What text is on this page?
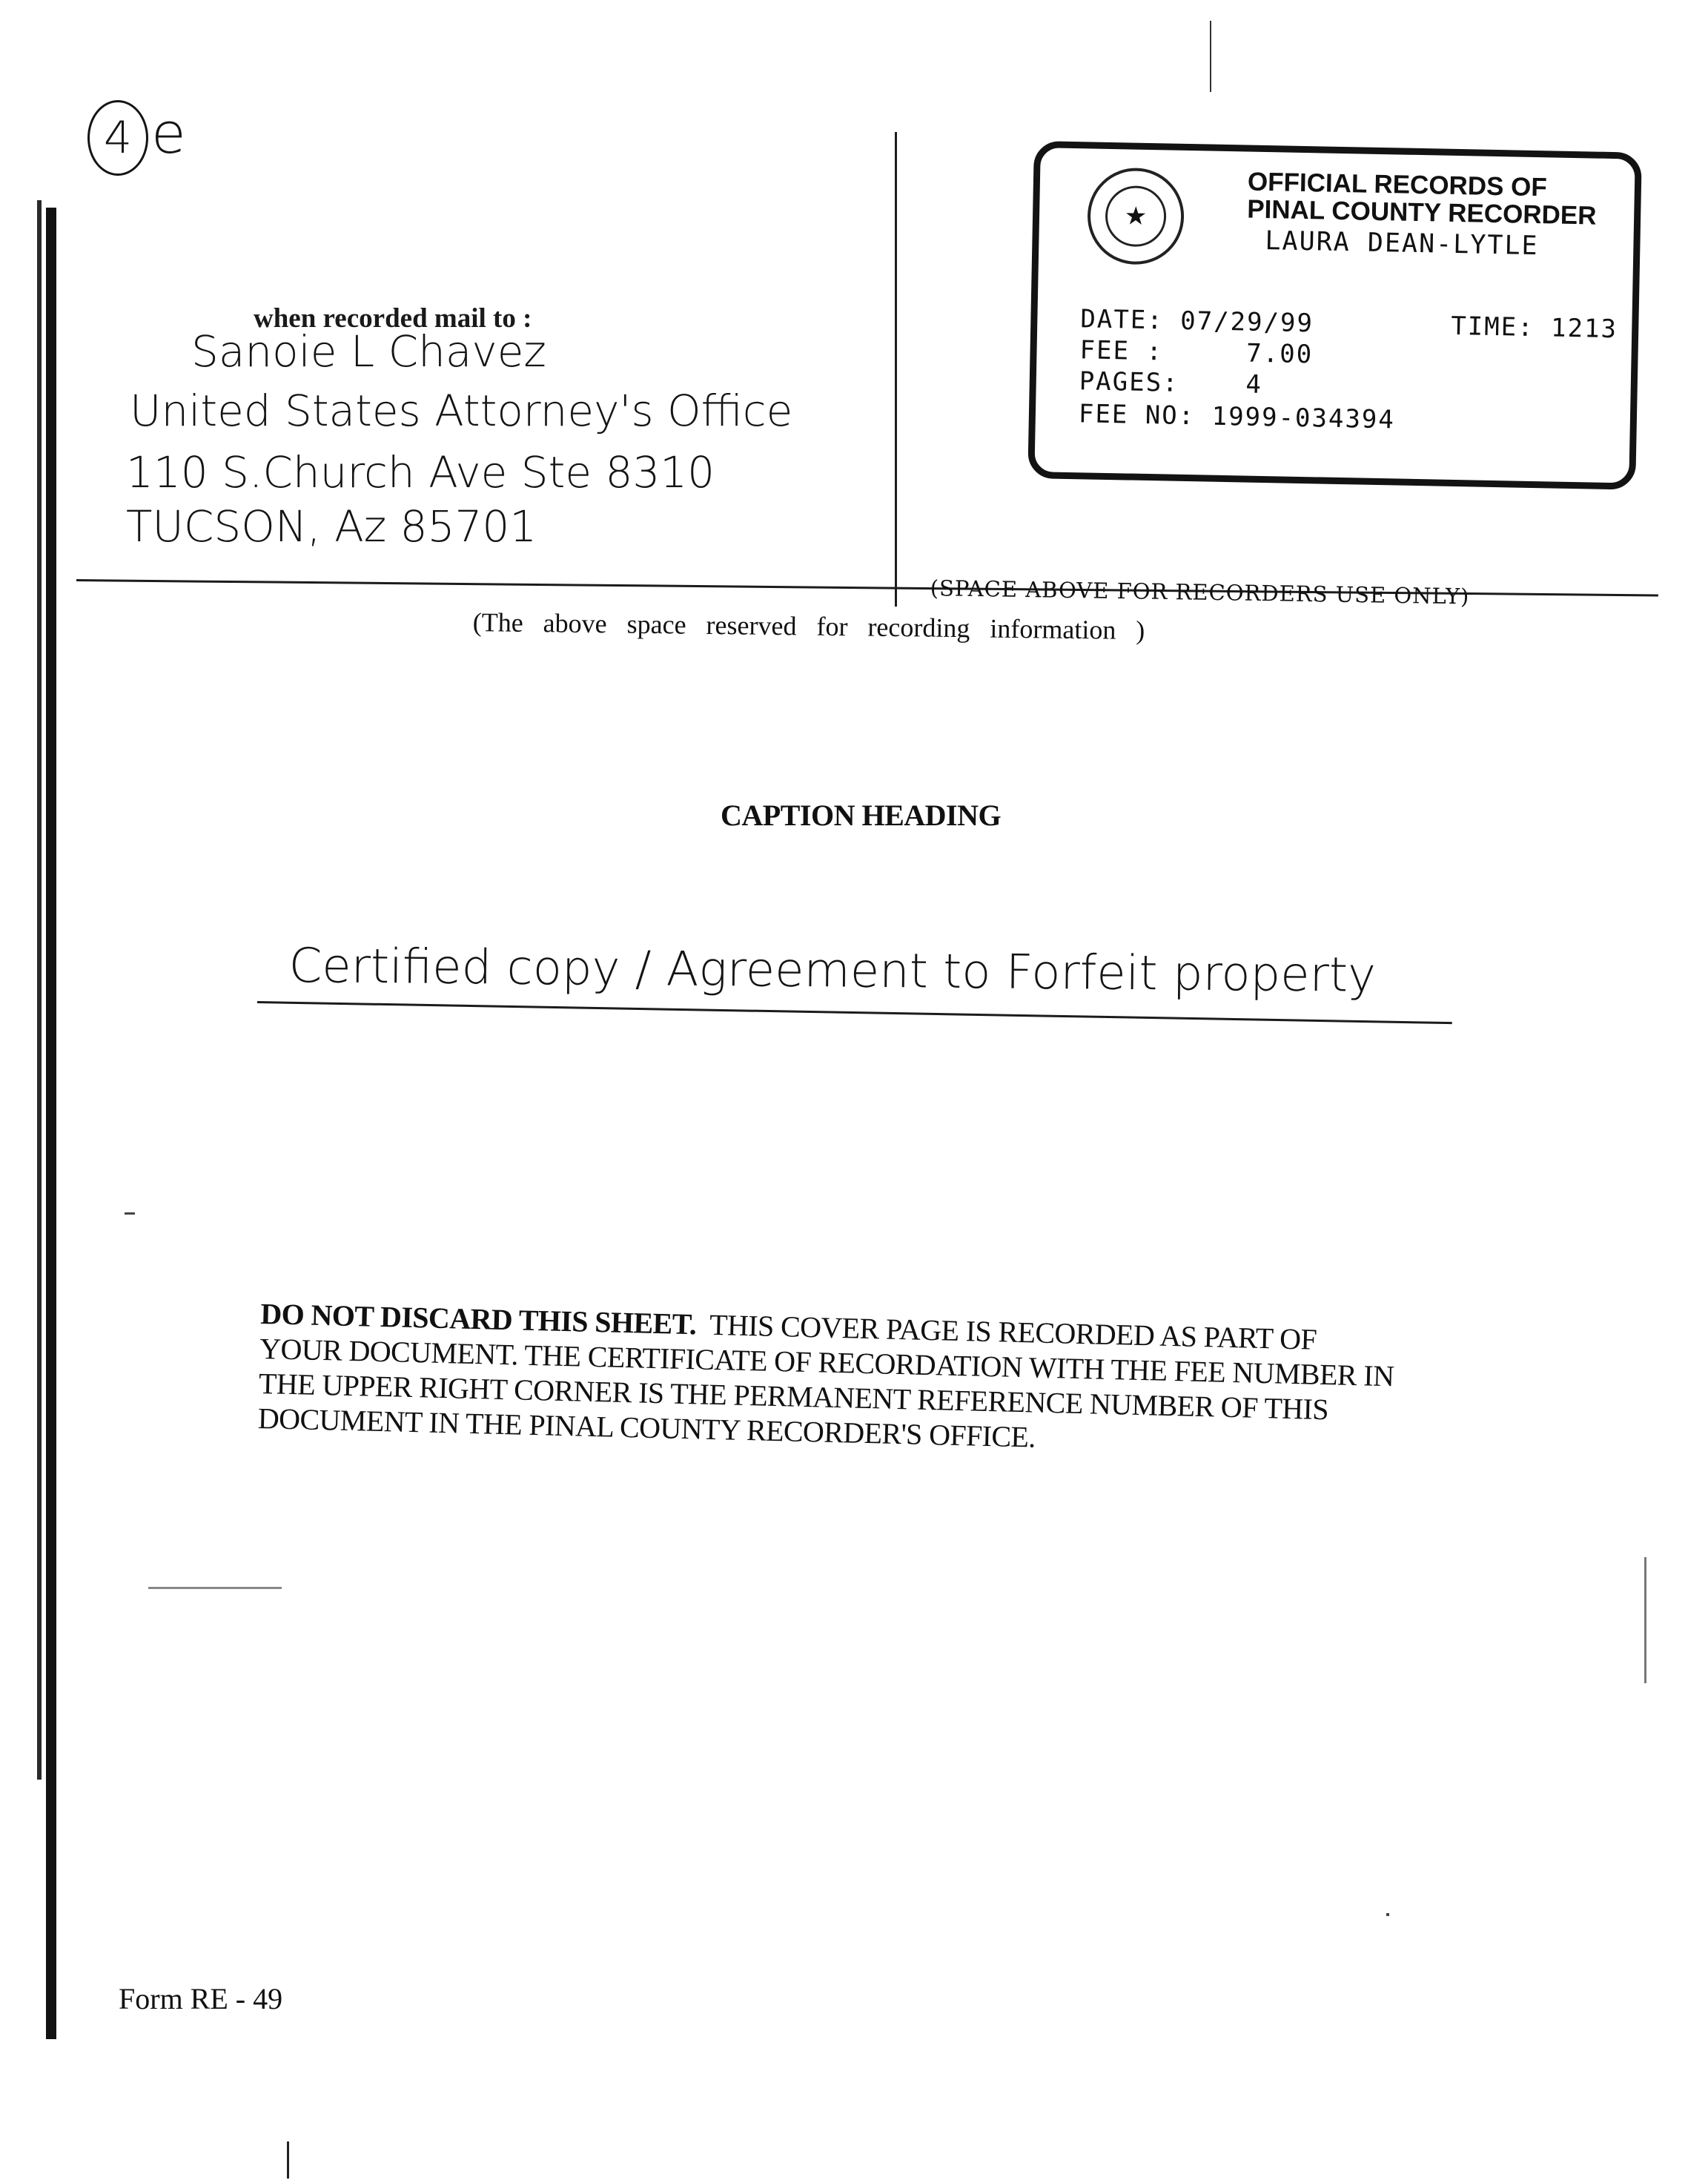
4 e
when recorded mail to :
Sanoie L Chavez
United States Attorney's Office
110 S.Church Ave Ste 8310
TUCSON, Az 85701
★
OFFICIAL RECORDS OF
PINAL COUNTY RECORDER
LAURA DEAN-LYTLE
DATE: 07/29/99	TIME: 1213
FEE :	7.00
PAGES:	4
FEE NO: 1999-034394
(SPACE ABOVE FOR RECORDERS USE ONLY)
(The above space reserved for recording information )
CAPTION HEADING
Certified copy / Agreement to Forfeit property
DO NOT DISCARD THIS SHEET. THIS COVER PAGE IS RECORDED AS PART OF YOUR DOCUMENT. THE CERTIFICATE OF RECORDATION WITH THE FEE NUMBER IN THE UPPER RIGHT CORNER IS THE PERMANENT REFERENCE NUMBER OF THIS DOCUMENT IN THE PINAL COUNTY RECORDER'S OFFICE.
Form RE - 49
